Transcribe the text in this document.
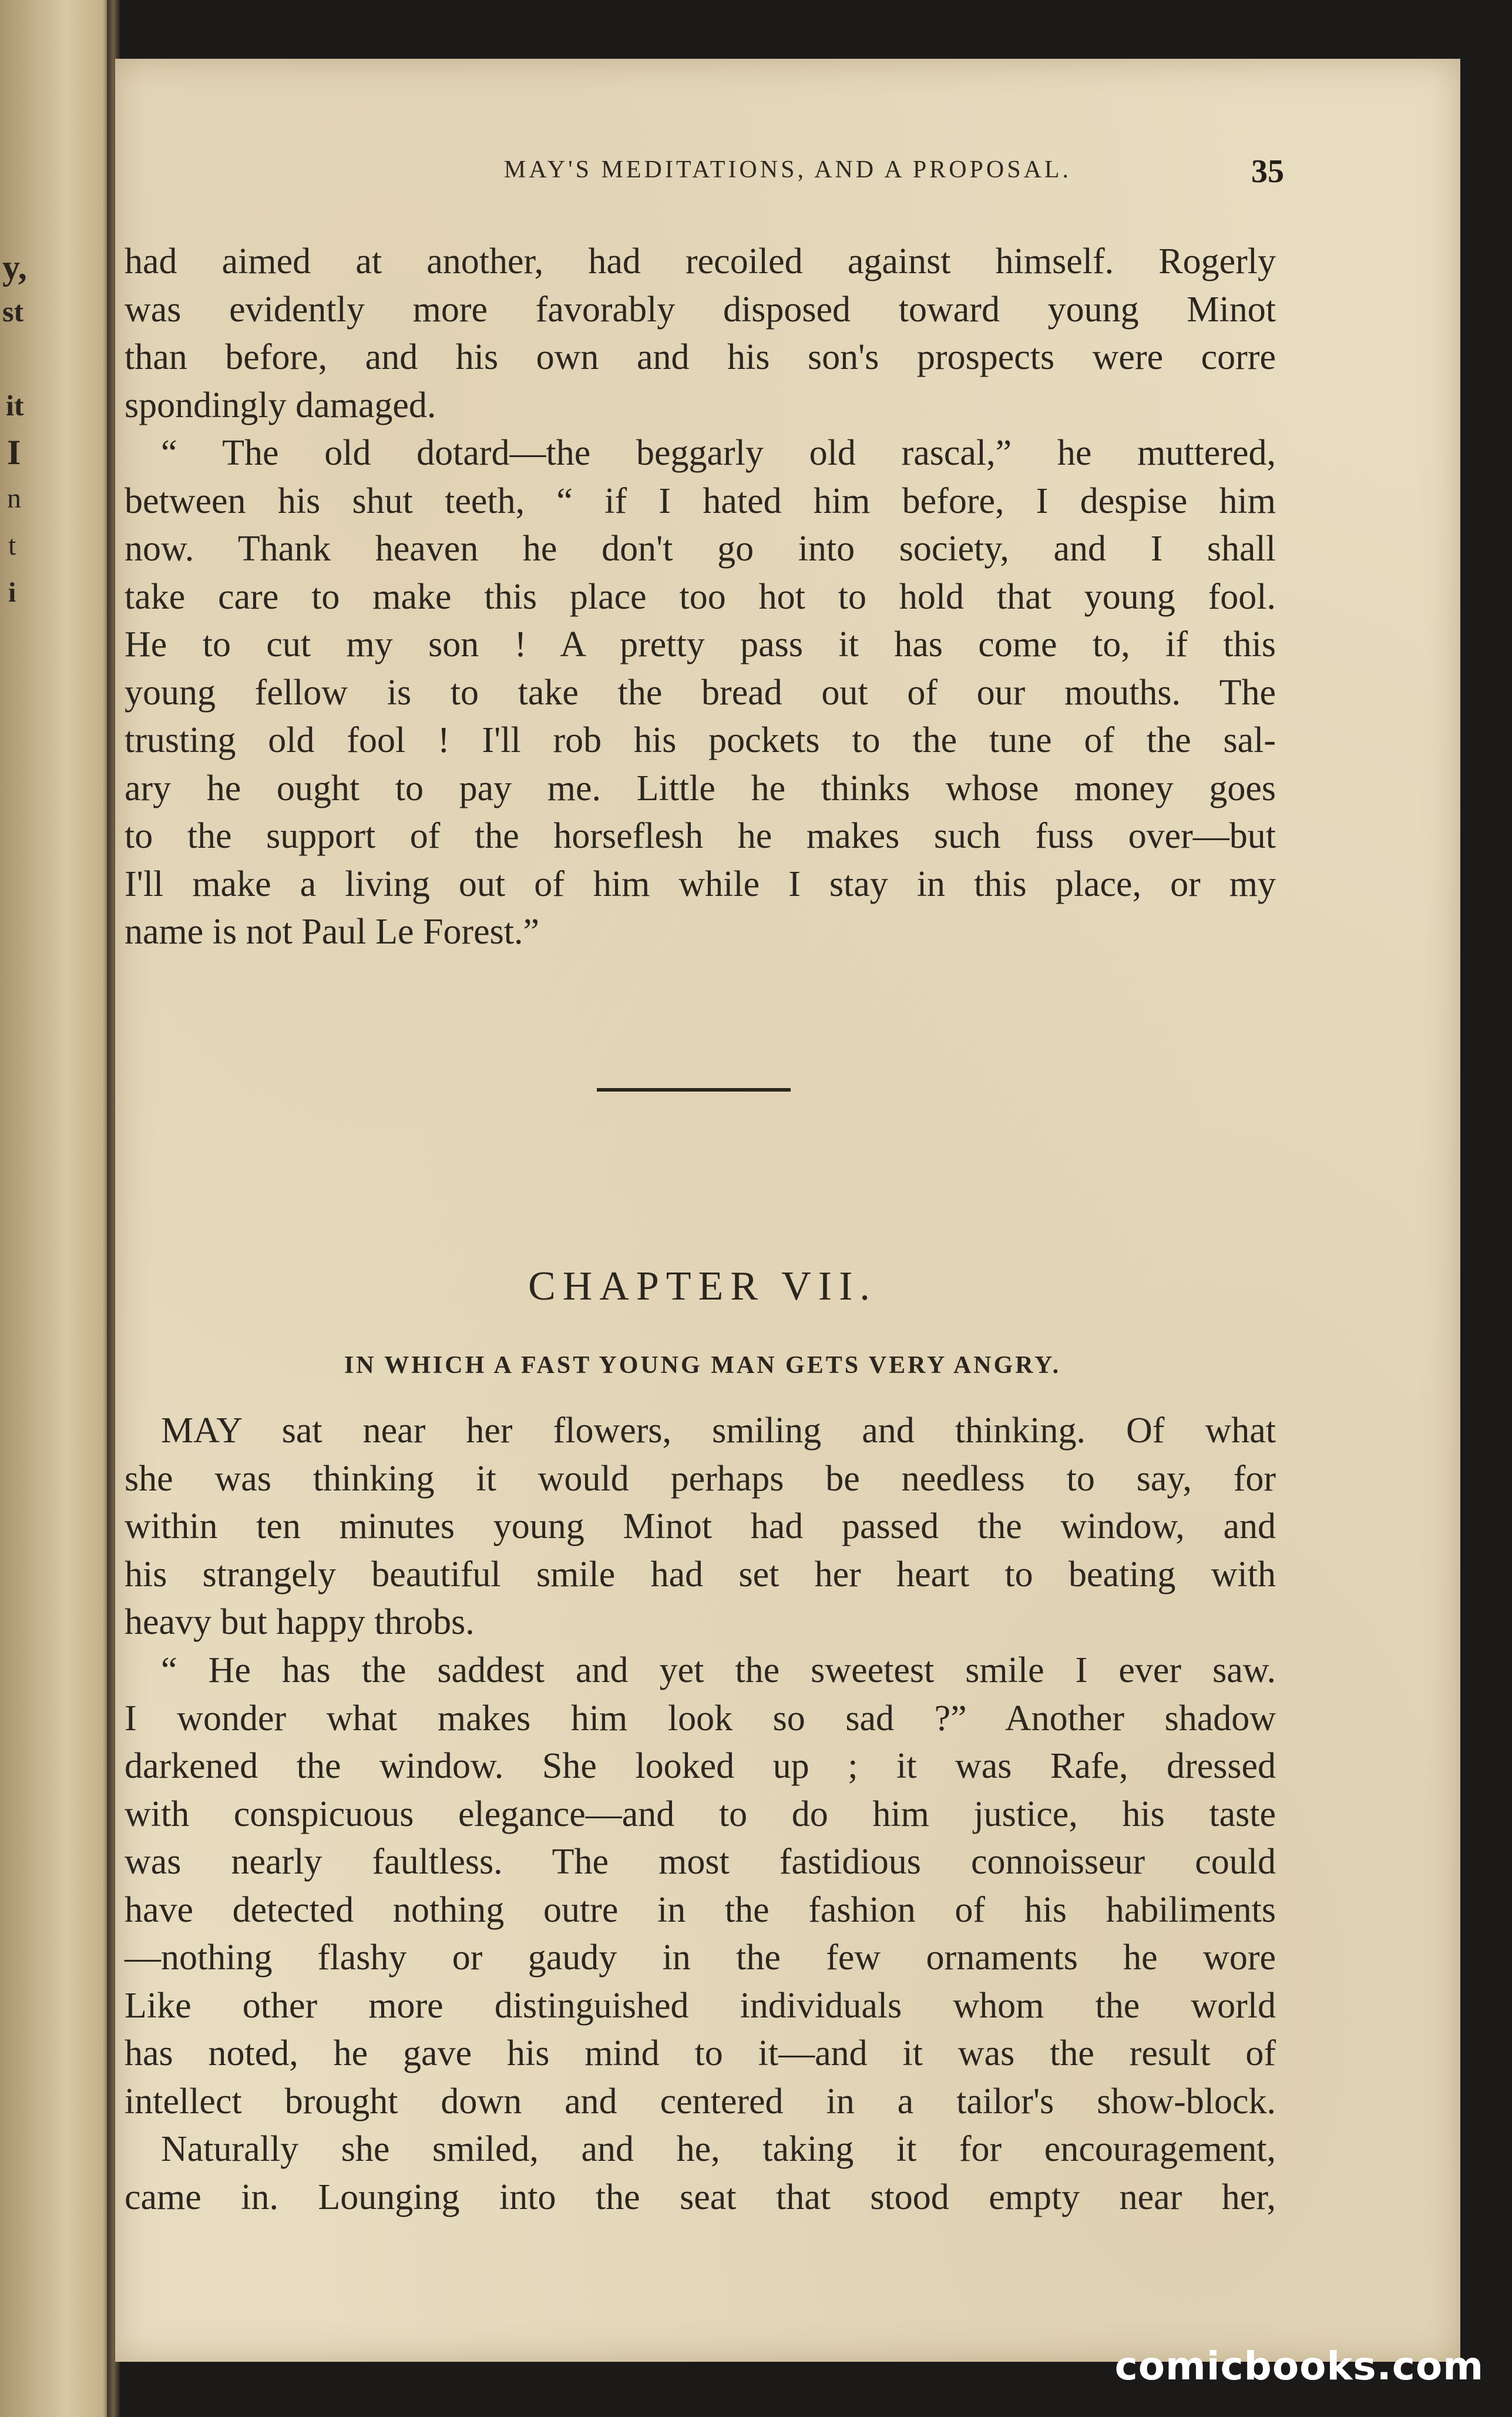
y,
st
it
I
n
t
i
MAY'S MEDITATIONS, AND A PROPOSAL.	35
had aimed at another, had recoiled against himself. Rogerly
was evidently more favorably disposed toward young Minot
than before, and his own and his son's prospects were corre
spondingly damaged.
“ The old dotard—the beggarly old rascal,” he muttered,
between his shut teeth, “ if I hated him before, I despise him
now. Thank heaven he don't go into society, and I shall
take care to make this place too hot to hold that young fool.
He to cut my son ! A pretty pass it has come to, if this
young fellow is to take the bread out of our mouths. The
trusting old fool ! I'll rob his pockets to the tune of the sal-
ary he ought to pay me. Little he thinks whose money goes
to the support of the horseflesh he makes such fuss over—but
I'll make a living out of him while I stay in this place, or my
name is not Paul Le Forest.”
CHAPTER VII.
IN WHICH A FAST YOUNG MAN GETS VERY ANGRY.
MAY sat near her flowers, smiling and thinking. Of what
she was thinking it would perhaps be needless to say, for
within ten minutes young Minot had passed the window, and
his strangely beautiful smile had set her heart to beating with
heavy but happy throbs.
“ He has the saddest and yet the sweetest smile I ever saw.
I wonder what makes him look so sad ?” Another shadow
darkened the window. She looked up ; it was Rafe, dressed
with conspicuous elegance—and to do him justice, his taste
was nearly faultless. The most fastidious connoisseur could
have detected nothing outre in the fashion of his habiliments
—nothing flashy or gaudy in the few ornaments he wore
Like other more distinguished individuals whom the world
has noted, he gave his mind to it—and it was the result of
intellect brought down and centered in a tailor's show-block.
Naturally she smiled, and he, taking it for encouragement,
came in. Lounging into the seat that stood empty near her,
comicbooks.com
